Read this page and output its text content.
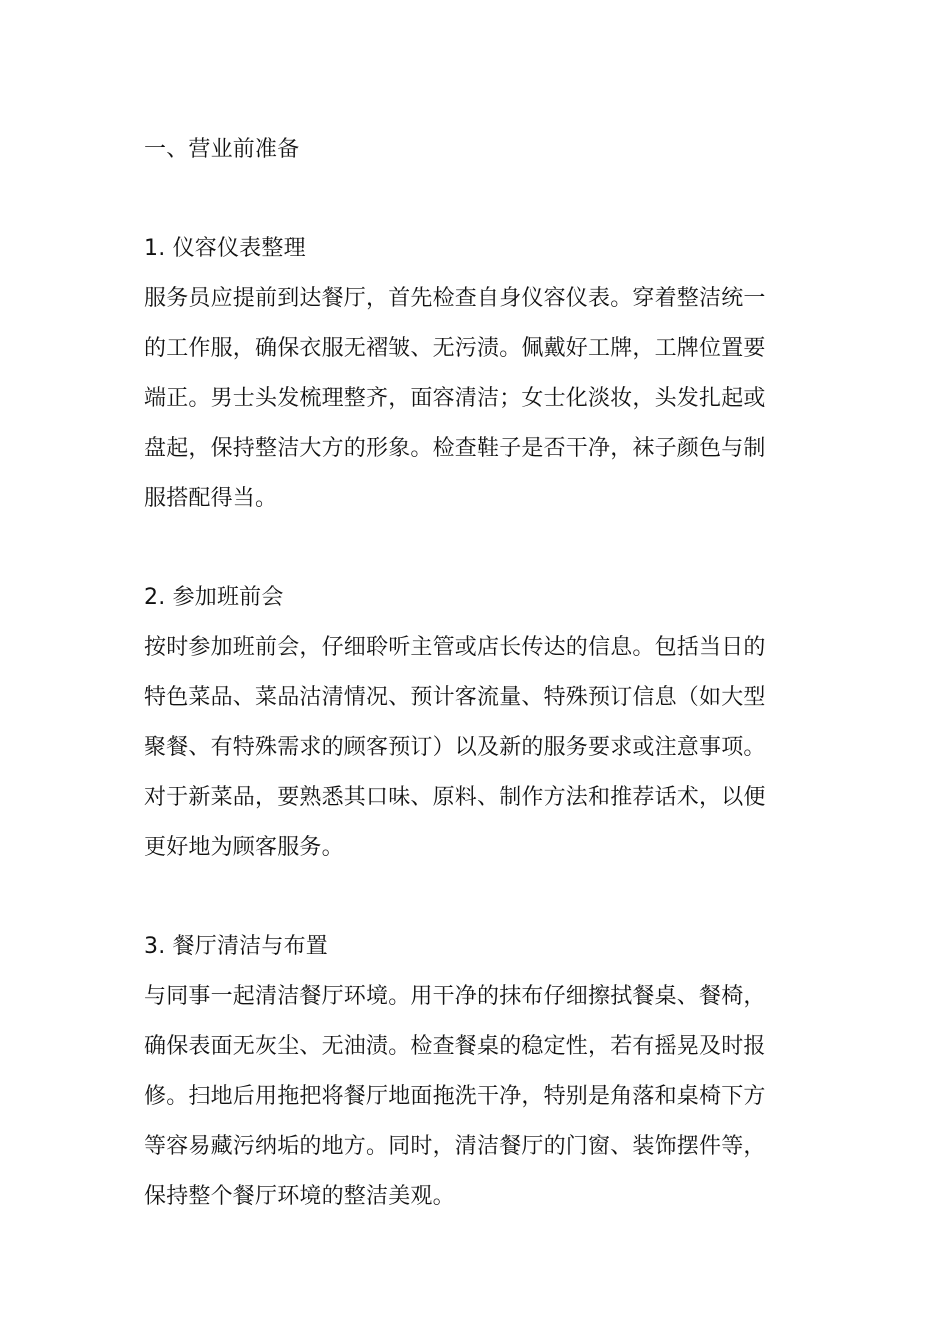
一、营业前准备
1. 仪容仪表整理
服务员应提前到达餐厅，首先检查自身仪容仪表。穿着整洁统一
的工作服，确保衣服无褶皱、无污渍。佩戴好工牌，工牌位置要
端正。男士头发梳理整齐，面容清洁；女士化淡妆，头发扎起或
盘起，保持整洁大方的形象。检查鞋子是否干净，袜子颜色与制
服搭配得当。
2. 参加班前会
按时参加班前会，仔细聆听主管或店长传达的信息。包括当日的
特色菜品、菜品沽清情况、预计客流量、特殊预订信息（如大型
聚餐、有特殊需求的顾客预订）以及新的服务要求或注意事项。
对于新菜品，要熟悉其口味、原料、制作方法和推荐话术，以便
更好地为顾客服务。
3. 餐厅清洁与布置
与同事一起清洁餐厅环境。用干净的抹布仔细擦拭餐桌、餐椅，
确保表面无灰尘、无油渍。检查餐桌的稳定性，若有摇晃及时报
修。扫地后用拖把将餐厅地面拖洗干净，特别是角落和桌椅下方
等容易藏污纳垢的地方。同时，清洁餐厅的门窗、装饰摆件等，
保持整个餐厅环境的整洁美观。
